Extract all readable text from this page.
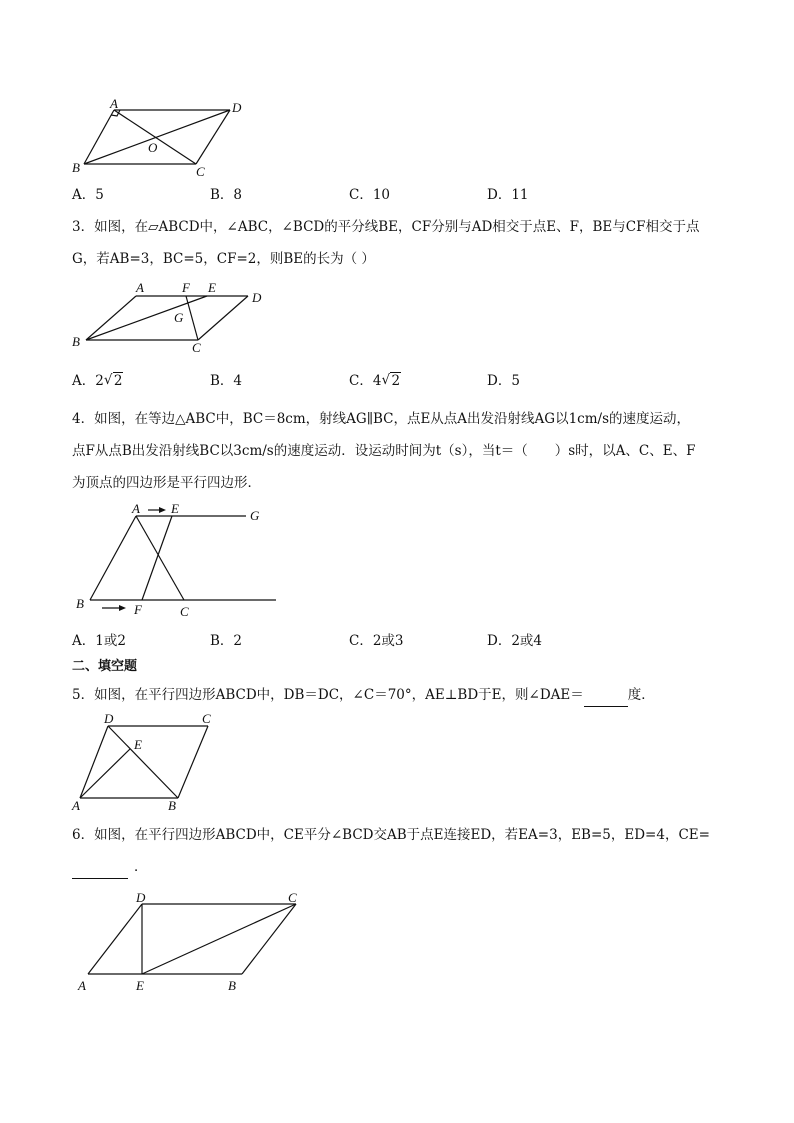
A	D
B
O
C
A．5	B．8	C．10	D．11
3．如图，在▱ABCD中，∠ABC，∠BCD的平分线BE，CF分别与AD相交于点E、F，BE与CF相交于点
G，若AB=3，BC=5，CF=2，则BE的长为（ ）
A	F E
D
G
B	C
A．2 √ 2	B．4	C．4 √ 2	D．5
4．如图，在等边△ABC中，BC＝8cm，射线AG∥BC，点E从点A出发沿射线AG以1cm/s的速度运动，
点F从点B出发沿射线BC以3cm/s的速度运动．设运动时间为t（s），当t＝（　　）s时，以A、C、E、F
为顶点的四边形是平行四边形．
A E	G
B	F	C
A．1或2	B．2	C．2或3	D．2或4
二、填空题
5．如图，在平行四边形ABCD中，DB＝DC，∠C＝70°，AE⊥BD于E，则∠DAE＝	度．
D	C
E
A	B
6．如图，在平行四边形ABCD中，CE平分∠BCD交AB于点E连接ED，若EA=3，EB=5，ED=4，CE=
．
D	C
A	E	B
